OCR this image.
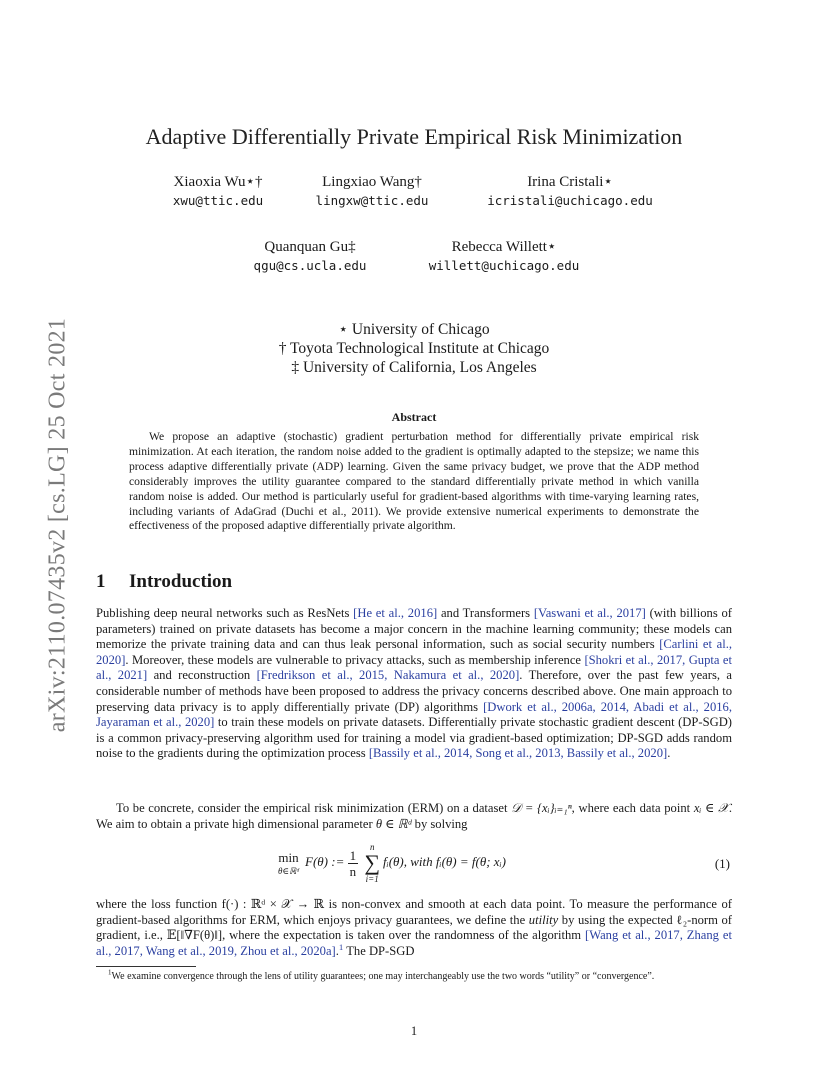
arXiv:2110.07435v2 [cs.LG] 25 Oct 2021
Adaptive Differentially Private Empirical Risk Minimization
Xiaoxia Wu⋆†
xwu@ttic.edu
Lingxiao Wang†
lingxw@ttic.edu
Irina Cristali⋆
icristali@uchicago.edu
Quanquan Gu‡
qgu@cs.ucla.edu
Rebecca Willett⋆
willett@uchicago.edu
⋆ University of Chicago
† Toyota Technological Institute at Chicago
‡ University of California, Los Angeles
Abstract

We propose an adaptive (stochastic) gradient perturbation method for differentially private empirical risk minimization. At each iteration, the random noise added to the gradient is optimally adapted to the stepsize; we name this process adaptive differentially private (ADP) learning. Given the same privacy budget, we prove that the ADP method considerably improves the utility guarantee compared to the standard differentially private method in which vanilla random noise is added. Our method is particularly useful for gradient-based algorithms with time-varying learning rates, including variants of AdaGrad (Duchi et al., 2011). We provide extensive numerical experiments to demonstrate the effectiveness of the proposed adaptive differentially private algorithm.

1 Introduction

Publishing deep neural networks such as ResNets [He et al., 2016] and Transformers [Vaswani et al., 2017] (with billions of parameters) trained on private datasets has become a major concern in the machine learning community; these models can memorize the private training data and can thus leak personal information, such as social security numbers [Carlini et al., 2020]. Moreover, these models are vulnerable to privacy attacks, such as membership inference [Shokri et al., 2017, Gupta et al., 2021] and reconstruction [Fredrikson et al., 2015, Nakamura et al., 2020]. Therefore, over the past few years, a considerable number of methods have been proposed to address the privacy concerns described above. One main approach to preserving data privacy is to apply differentially private (DP) algorithms [Dwork et al., 2006a, 2014, Abadi et al., 2016, Jayaraman et al., 2020] to train these models on private datasets. Differentially private stochastic gradient descent (DP-SGD) is a common privacy-preserving algorithm used for training a model via gradient-based optimization; DP-SGD adds random noise to the gradients during the optimization process [Bassily et al., 2014, Song et al., 2013, Bassily et al., 2020].

To be concrete, consider the empirical risk minimization (ERM) on a dataset 𝒟 = {xᵢ}ᵢ₌₁ⁿ, where each data point xᵢ ∈ 𝒳. We aim to obtain a private high dimensional parameter θ ∈ ℝᵈ by solving

min
θ∈ℝᵈ
F(θ) := $\frac{1}{n}$

n
∑
i=1
fᵢ(θ), with fᵢ(θ) = f(θ; xᵢ)	(1)

where the loss function f(·) : ℝᵈ × 𝒳 → ℝ is non-convex and smooth at each data point. To measure the performance of gradient-based algorithms for ERM, which enjoys privacy guarantees, we define the utility by using the expected ℓ₂-norm of gradient, i.e., 𝔼[‖∇F(θ)‖], where the expectation is taken over the randomness of the algorithm [Wang et al., 2017, Zhang et al., 2017, Wang et al., 2019, Zhou et al., 2020a].$^1$ The DP-SGD

$^1$We examine convergence through the lens of utility guarantees; one may interchangeably use the two words “utility” or “convergence”.

1
